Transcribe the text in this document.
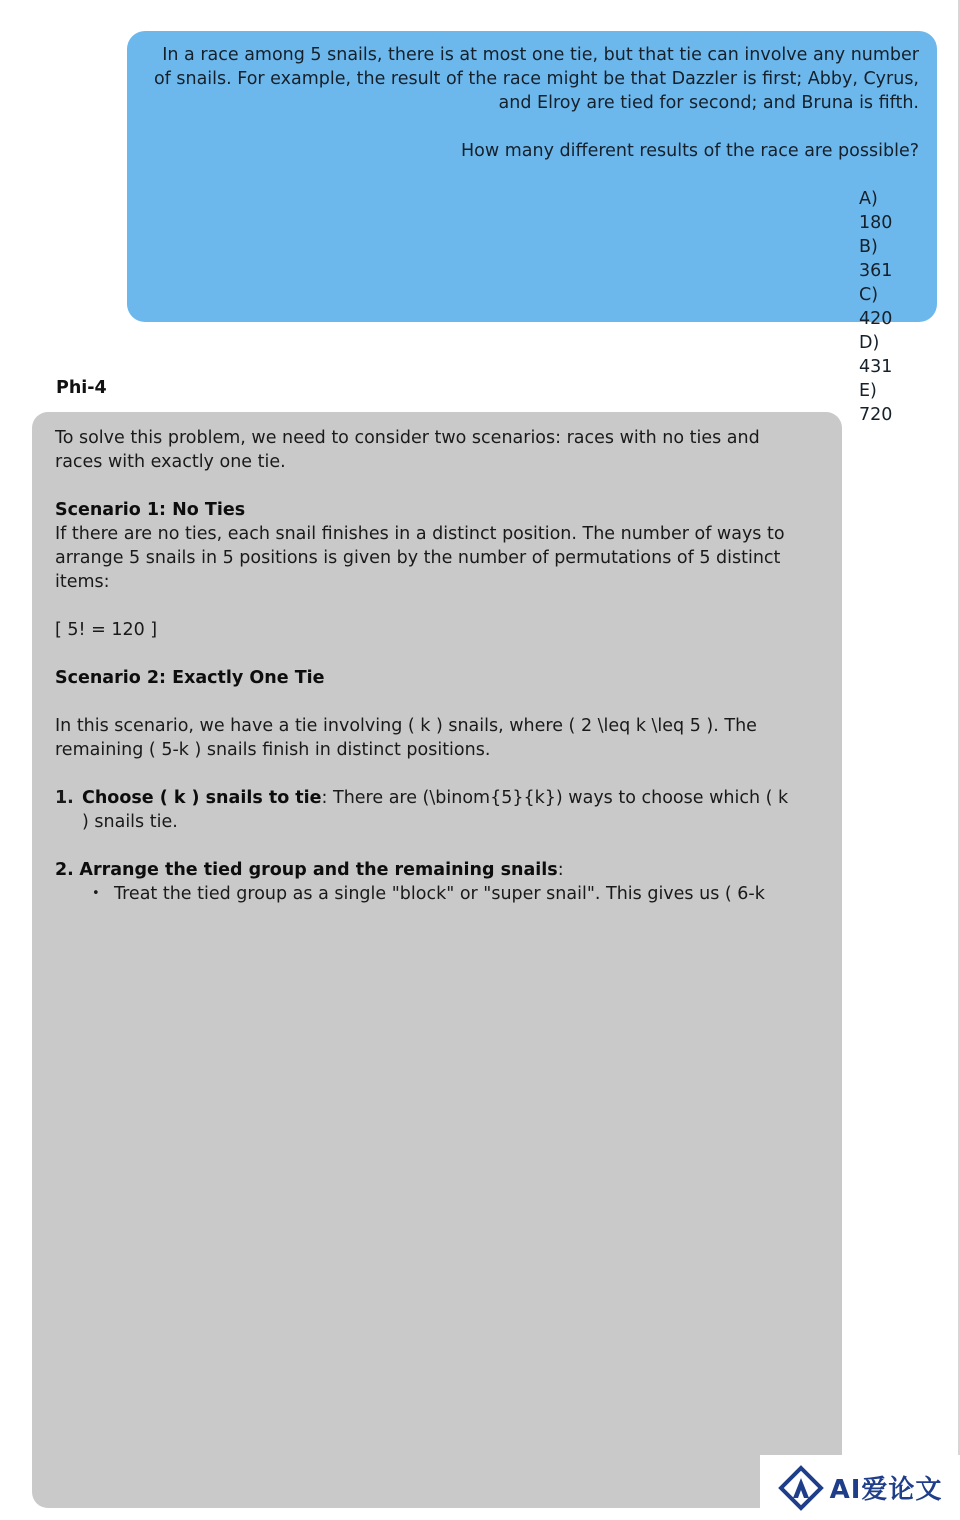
In a race among 5 snails, there is at most one tie, but that tie can involve any number

of snails. For example, the result of the race might be that Dazzler is first; Abby, Cyrus,

and Elroy are tied for second; and Bruna is fifth.

How many different results of the race are possible?

A)180
B)361
C)420
D)431
E)720
Phi-4

To solve this problem, we need to consider two scenarios: races with no ties and races with exactly one tie.

Scenario 1: No Ties

If there are no ties, each snail finishes in a distinct position. The number of ways to arrange 5 snails in 5 positions is given by the number of permutations of 5 distinct items:

[ 5! = 120 ]

Scenario 2: Exactly One Tie

In this scenario, we have a tie involving ( k ) snails, where ( 2 \leq k \leq 5 ). The remaining ( 5-k ) snails finish in distinct positions.

1. Choose ( k ) snails to tie: There are (\binom{5}{k}) ways to choose which ( k ) snails tie.
2. Arrange the tied group and the remaining snails:
• Treat the tied group as a single "block" or "super snail". This gives us ( 6-k
AI爱论文
